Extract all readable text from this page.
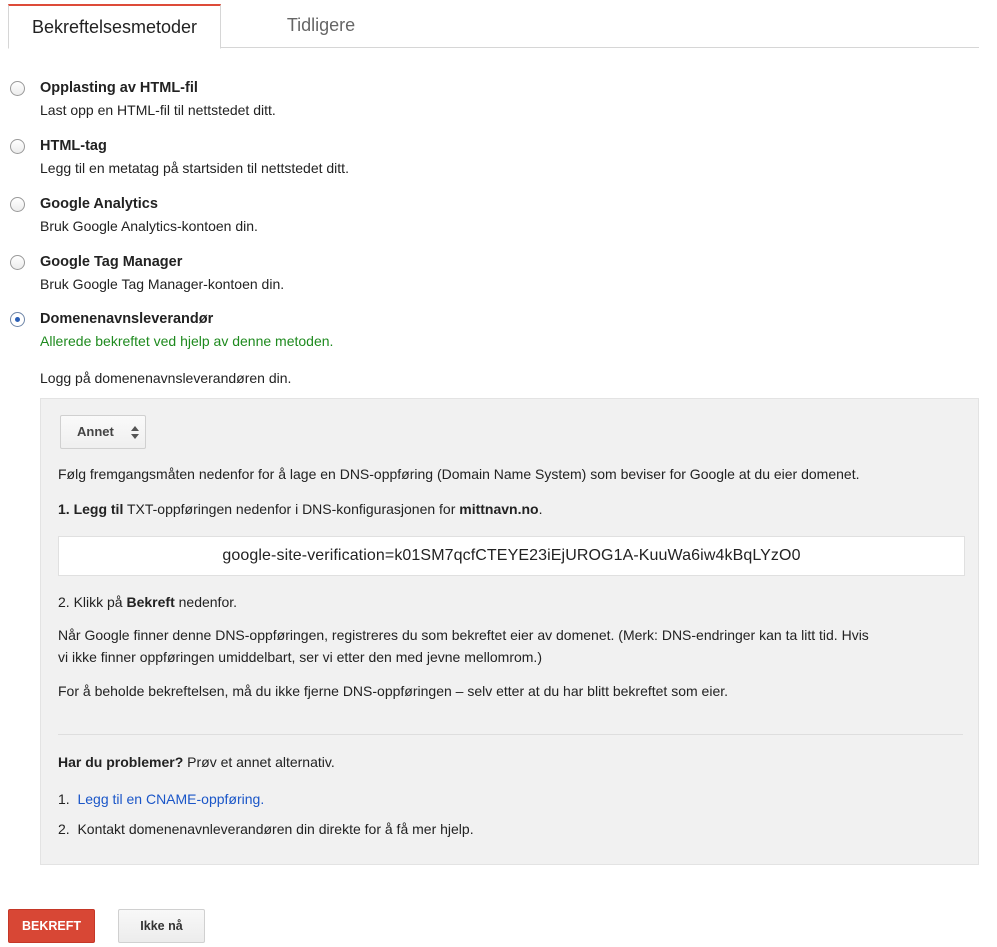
Bekreftelsesmetoder	Tidligere
Opplasting av HTML-fil
Last opp en HTML-fil til nettstedet ditt.
HTML-tag
Legg til en metatag på startsiden til nettstedet ditt.
Google Analytics
Bruk Google Analytics-kontoen din.
Google Tag Manager
Bruk Google Tag Manager-kontoen din.
Domenenavnsleverandør
Allerede bekreftet ved hjelp av denne metoden.
Logg på domenenavnsleverandøren din.
Annet
Følg fremgangsmåten nedenfor for å lage en DNS-oppføring (Domain Name System) som beviser for Google at du eier domenet.
1. Legg til TXT-oppføringen nedenfor i DNS-konfigurasjonen for mittnavn.no.
google-site-verification=k01SM7qcfCTEYE23iEjUROG1A-KuuWa6iw4kBqLYzO0
2. Klikk på Bekreft nedenfor.
Når Google finner denne DNS-oppføringen, registreres du som bekreftet eier av domenet. (Merk: DNS-endringer kan ta litt tid. Hvis
vi ikke finner oppføringen umiddelbart, ser vi etter den med jevne mellomrom.)
For å beholde bekreftelsen, må du ikke fjerne DNS-oppføringen – selv etter at du har blitt bekreftet som eier.
Har du problemer? Prøv et annet alternativ.
1. Legg til en CNAME-oppføring.
2. Kontakt domenenavnleverandøren din direkte for å få mer hjelp.
BEKREFT	Ikke nå
